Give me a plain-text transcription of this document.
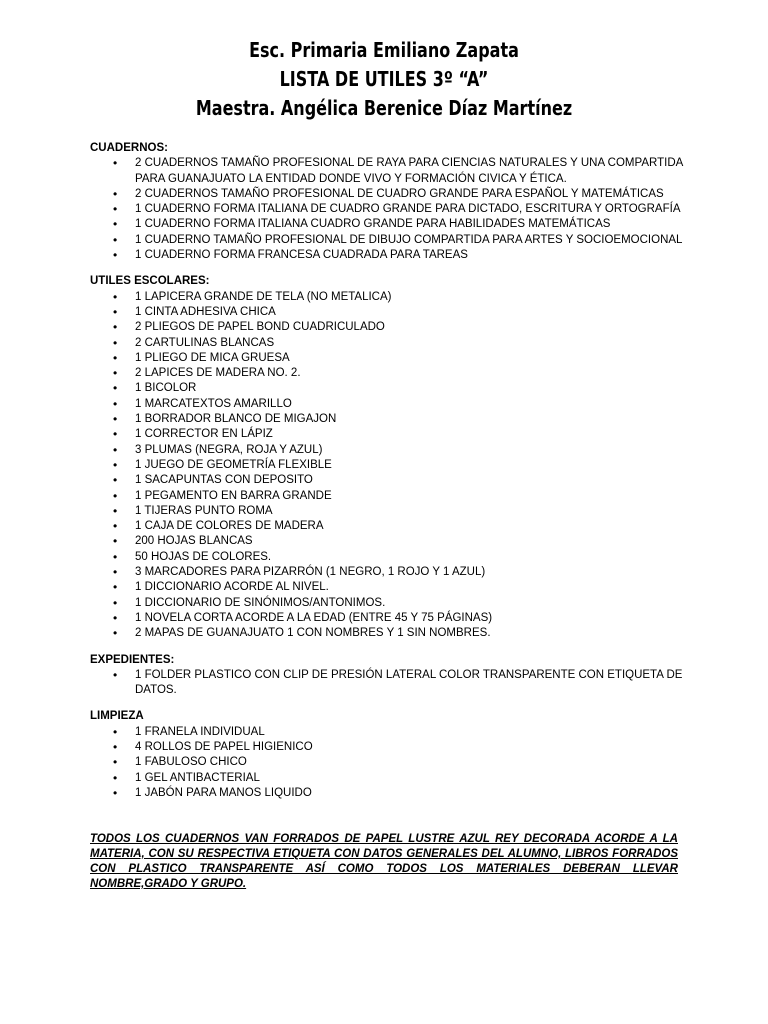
Esc. Primaria Emiliano Zapata
LISTA DE UTILES 3º “A”
Maestra. Angélica Berenice Díaz Martínez
CUADERNOS:
• 2 CUADERNOS TAMAÑO PROFESIONAL DE RAYA PARA CIENCIAS NATURALES Y UNA COMPARTIDA PARA GUANAJUATO LA ENTIDAD DONDE VIVO Y FORMACIÓN CIVICA Y ÉTICA.
• 2 CUADERNOS TAMAÑO PROFESIONAL DE CUADRO GRANDE PARA ESPAÑOL Y MATEMÁTICAS
• 1 CUADERNO FORMA ITALIANA DE CUADRO GRANDE PARA DICTADO, ESCRITURA Y ORTOGRAFÍA
• 1 CUADERNO FORMA ITALIANA CUADRO GRANDE PARA HABILIDADES MATEMÁTICAS
• 1 CUADERNO TAMAÑO PROFESIONAL DE DIBUJO COMPARTIDA PARA ARTES Y SOCIOEMOCIONAL
• 1 CUADERNO FORMA FRANCESA CUADRADA PARA TAREAS
UTILES ESCOLARES:
• 1 LAPICERA GRANDE DE TELA (NO METALICA)
• 1 CINTA ADHESIVA CHICA
• 2 PLIEGOS DE PAPEL BOND CUADRICULADO
• 2 CARTULINAS BLANCAS
• 1 PLIEGO DE MICA GRUESA
• 2 LAPICES DE MADERA NO. 2.
• 1 BICOLOR
• 1 MARCATEXTOS AMARILLO
• 1 BORRADOR BLANCO DE MIGAJON
• 1 CORRECTOR EN LÁPIZ
• 3 PLUMAS (NEGRA, ROJA Y AZUL)
• 1 JUEGO DE GEOMETRÍA FLEXIBLE
• 1 SACAPUNTAS CON DEPOSITO
• 1 PEGAMENTO EN BARRA GRANDE
• 1 TIJERAS PUNTO ROMA
• 1 CAJA DE COLORES DE MADERA
• 200 HOJAS BLANCAS
• 50 HOJAS DE COLORES.
• 3 MARCADORES PARA PIZARRÓN (1 NEGRO, 1 ROJO Y 1 AZUL)
• 1 DICCIONARIO ACORDE AL NIVEL.
• 1 DICCIONARIO DE SINÓNIMOS/ANTONIMOS.
• 1 NOVELA CORTA ACORDE A LA EDAD (ENTRE 45 Y 75 PÁGINAS)
• 2 MAPAS DE GUANAJUATO 1 CON NOMBRES Y 1 SIN NOMBRES.
EXPEDIENTES:
• 1 FOLDER PLASTICO CON CLIP DE PRESIÓN LATERAL COLOR TRANSPARENTE CON ETIQUETA DE DATOS.
LIMPIEZA
• 1 FRANELA INDIVIDUAL
• 4 ROLLOS DE PAPEL HIGIENICO
• 1 FABULOSO CHICO
• 1 GEL ANTIBACTERIAL
• 1 JABÓN PARA MANOS LIQUIDO
TODOS LOS CUADERNOS VAN FORRADOS DE PAPEL LUSTRE AZUL REY DECORADA ACORDE A LA MATERIA, CON SU RESPECTIVA ETIQUETA CON DATOS GENERALES DEL ALUMNO, LIBROS FORRADOS CON PLASTICO TRANSPARENTE ASÍ COMO TODOS LOS MATERIALES DEBERAN LLEVAR NOMBRE,GRADO Y GRUPO.
